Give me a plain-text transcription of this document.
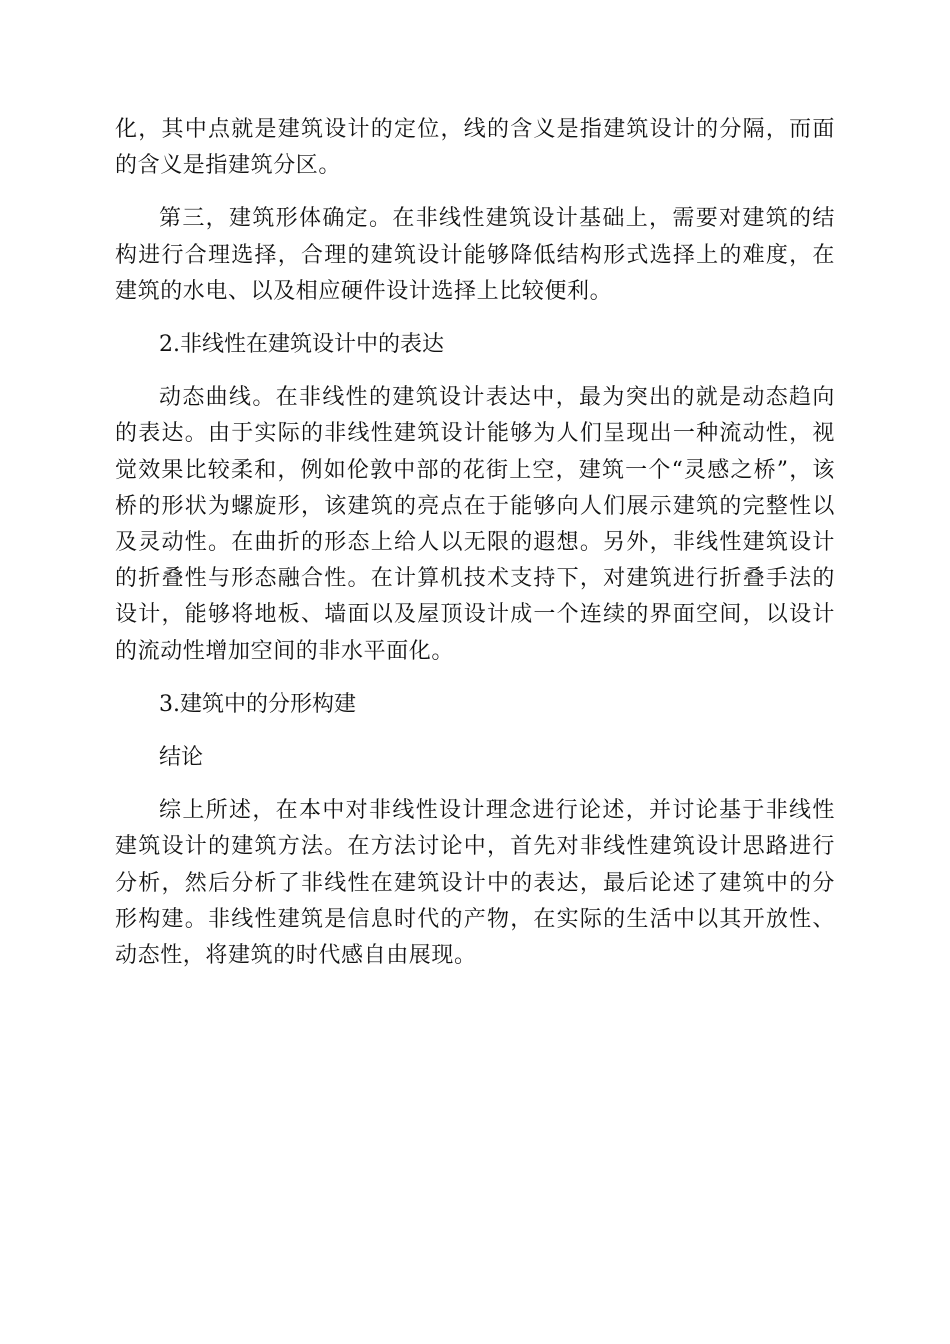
化，其中点就是建筑设计的定位，线的含义是指建筑设计的分隔，而面的含义是指建筑分区。

第三，建筑形体确定。在非线性建筑设计基础上，需要对建筑的结构进行合理选择，合理的建筑设计能够降低结构形式选择上的难度，在建筑的水电、以及相应硬件设计选择上比较便利。

2.非线性在建筑设计中的表达

动态曲线。在非线性的建筑设计表达中，最为突出的就是动态趋向的表达。由于实际的非线性建筑设计能够为人们呈现出一种流动性，视觉效果比较柔和，例如伦敦中部的花街上空，建筑一个“灵感之桥”，该桥的形状为螺旋形，该建筑的亮点在于能够向人们展示建筑的完整性以及灵动性。在曲折的形态上给人以无限的遐想。另外，非线性建筑设计的折叠性与形态融合性。在计算机技术支持下，对建筑进行折叠手法的设计，能够将地板、墙面以及屋顶设计成一个连续的界面空间，以设计的流动性增加空间的非水平面化。

3.建筑中的分形构建

结论

综上所述，在本中对非线性设计理念进行论述，并讨论基于非线性建筑设计的建筑方法。在方法讨论中，首先对非线性建筑设计思路进行分析，然后分析了非线性在建筑设计中的表达，最后论述了建筑中的分形构建。非线性建筑是信息时代的产物，在实际的生活中以其开放性、动态性，将建筑的时代感自由展现。
